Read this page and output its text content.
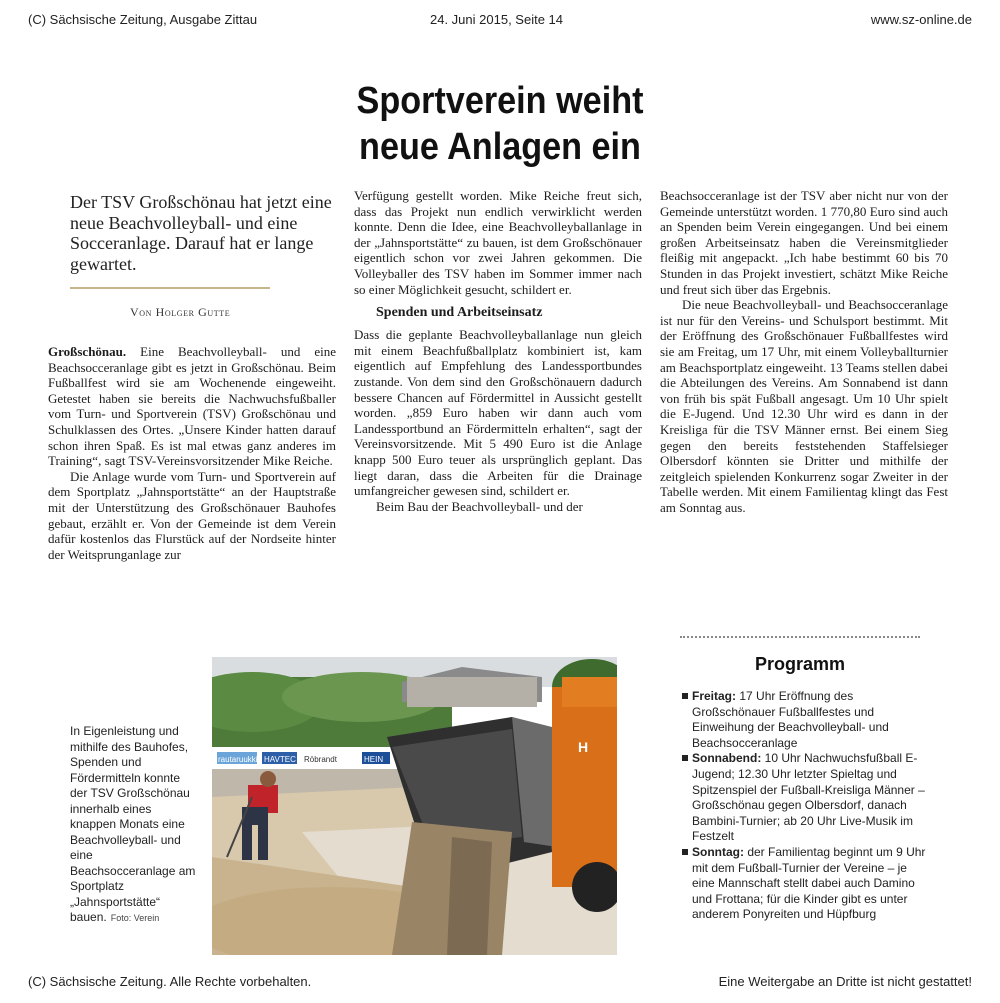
(C) Sächsische Zeitung, Ausgabe Zittau	24. Juni 2015, Seite 14	www.sz-online.de
Sportverein weiht
neue Anlagen ein
Der TSV Großschönau hat jetzt eine neue Beachvolleyball- und eine Socceranlage. Darauf hat er lange gewartet.
Von Holger Gutte

Großschönau. Eine Beachvolleyball- und eine Beachsocceranlage gibt es jetzt in Großschönau. Beim Fußballfest wird sie am Wochenende eingeweiht. Getestet haben sie bereits die Nachwuchsfußballer vom Turn- und Sportverein (TSV) Großschönau und Schulklassen des Ortes. „Unsere Kinder hatten darauf schon ihren Spaß. Es ist mal etwas ganz anderes im Training“, sagt TSV-Vereinsvorsitzender Mike Reiche.

Die Anlage wurde vom Turn- und Sportverein auf dem Sportplatz „Jahnsportstätte“ an der Hauptstraße mit der Unterstützung des Großschönauer Bauhofes gebaut, erzählt er. Von der Gemeinde ist dem Verein dafür kostenlos das Flurstück auf der Nordseite hinter der Weitsprunganlage zur

Verfügung gestellt worden. Mike Reiche freut sich, dass das Projekt nun endlich verwirklicht werden konnte. Denn die Idee, eine Beachvolleyballanlage in der „Jahnsportstätte“ zu bauen, ist dem Großschönauer eigentlich schon vor zwei Jahren gekommen. Die Volleyballer des TSV haben im Sommer immer nach so einer Möglichkeit gesucht, schildert er.

Spenden und Arbeitseinsatz

Dass die geplante Beachvolleyballanlage nun gleich mit einem Beachfußballplatz kombiniert ist, kam eigentlich auf Empfehlung des Landessportbundes zustande. Von dem sind den Großschönauern dadurch bessere Chancen auf Fördermittel in Aussicht gestellt worden. „859 Euro haben wir dann auch vom Landessportbund an Fördermitteln erhalten“, sagt der Vereinsvorsitzende. Mit 5 490 Euro ist die Anlage knapp 500 Euro teuer als ursprünglich geplant. Das liegt daran, dass die Arbeiten für die Drainage umfangreicher gewesen sind, schildert er.

Beim Bau der Beachvolleyball- und der

Beachsocceranlage ist der TSV aber nicht nur von der Gemeinde unterstützt worden. 1 770,80 Euro sind auch an Spenden beim Verein eingegangen. Und bei einem großen Arbeitseinsatz haben die Vereinsmitglieder fleißig mit angepackt. „Ich habe bestimmt 60 bis 70 Stunden in das Projekt investiert, schätzt Mike Reiche und freut sich über das Ergebnis.

Die neue Beachvolleyball- und Beachsocceranlage ist nur für den Vereins- und Schulsport bestimmt. Mit der Eröffnung des Großschönauer Fußballfestes wird sie am Freitag, um 17 Uhr, mit einem Volleyballturnier am Beachsportplatz eingeweiht. 13 Teams stellen dabei die Abteilungen des Vereins. Am Sonnabend ist dann von früh bis spät Fußball angesagt. Um 10 Uhr spielt die E-Jugend. Und 12.30 Uhr wird es dann in der Kreisliga für die TSV Männer ernst. Bei einem Sieg gegen den bereits feststehenden Staffelsieger Olbersdorf könnten sie Dritter und mithilfe der zeitgleich spielenden Konkurrenz sogar Zweiter in der Tabelle werden. Mit einem Familientag klingt das Fest am Sonntag aus.

rautaruukki HAVTEC Röbrandt	HEIN
H
In Eigenleistung und mithilfe des Bauhofes, Spenden und Fördermitteln konnte der TSV Großschönau innerhalb eines knappen Monats eine Beachvolleyball- und eine Beachsocceranlage am Sportplatz „Jahnsportstätte“ bauen. Foto: Verein
Programm
Freitag: 17 Uhr Eröffnung des Großschönauer Fußballfestes und Einweihung der Beachvolleyball- und Beachsocceranlage
Sonnabend: 10 Uhr Nachwuchsfußball E-Jugend; 12.30 Uhr letzter Spieltag und Spitzenspiel der Fußball-Kreisliga Männer – Großschönau gegen Olbersdorf, danach Bambini-Turnier; ab 20 Uhr Live-Musik im Festzelt
Sonntag: der Familientag beginnt um 9 Uhr mit dem Fußball-Turnier der Vereine – je eine Mannschaft stellt dabei auch Damino und Frottana; für die Kinder gibt es unter anderem Ponyreiten und Hüpfburg
(C) Sächsische Zeitung. Alle Rechte vorbehalten.	Eine Weitergabe an Dritte ist nicht gestattet!
